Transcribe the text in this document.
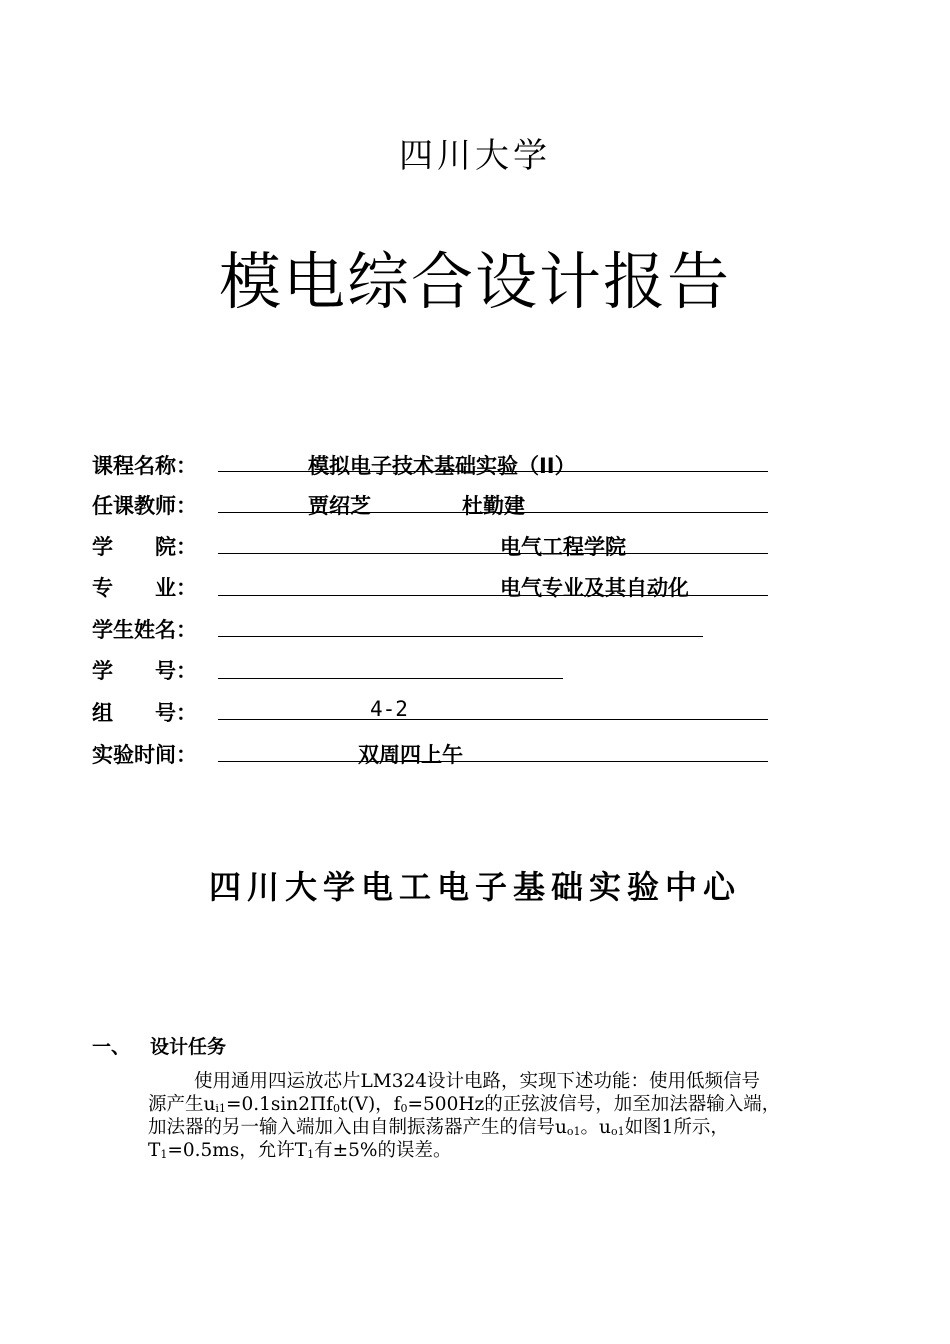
四川大学
模电综合设计报告
课程名称：	模拟电子技术基础实验（II）
任课教师：	贾绍芝	杜勤建
学　　院：	电气工程学院
专　　业：	电气专业及其自动化
学生姓名：
学　　号：
组　　号：	4-2
实验时间：	双周四上午
四川大学电工电子基础实验中心
一、 设计任务
使用通用四运放芯片LM324设计电路，实现下述功能：使用低频信号
源产生$u_{i1}=0.1\sin 2\Pi f_0t(V)$，$f_0=500Hz$的正弦波信号，加至加法器输入端，
加法器的另一输入端加入由自制振荡器产生的信号$u_{o1}$。$u_{o1}$如图1所示，
$T_1=0.5ms$，允许$T_1$有±5%的误差。
